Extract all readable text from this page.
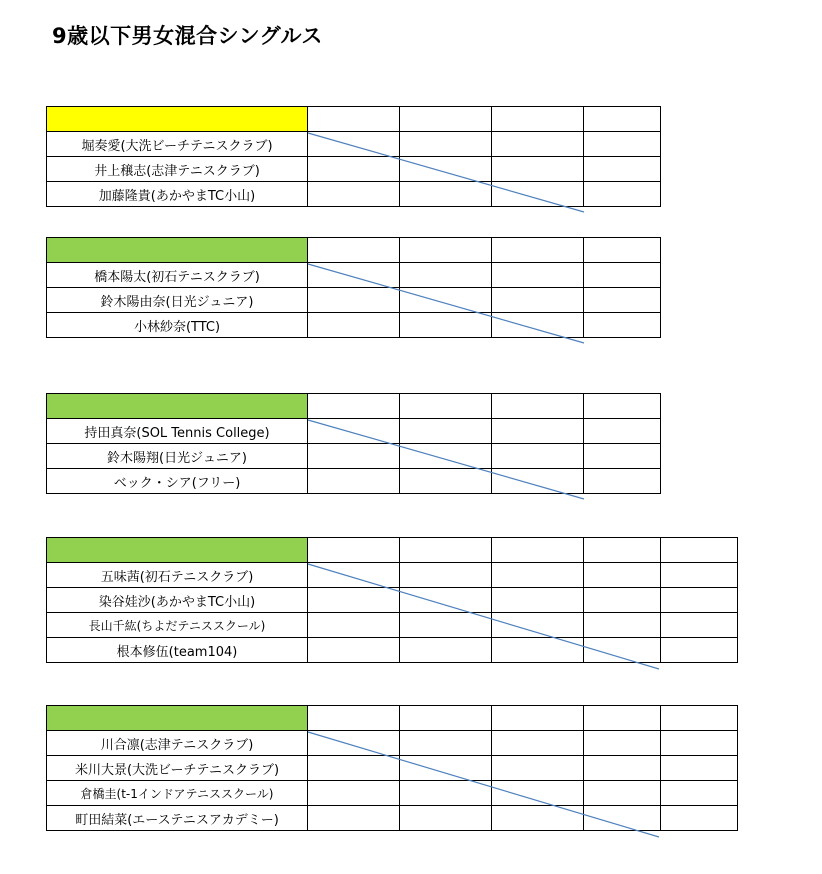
9歳以下男女混合シングルス

堀奏愛(大洗ビーチテニスクラブ)				
井上穣志(志津テニスクラブ)				
加藤隆貴(あかやまTC小山)				

橋本陽太(初石テニスクラブ)				
鈴木陽由奈(日光ジュニア)				
小林紗奈(TTC)				

持田真奈(SOL Tennis College)				
鈴木陽翔(日光ジュニア)				
ベック・シア(フリー)				

五味茜(初石テニスクラブ)					
染谷娃沙(あかやまTC小山)					
長山千紘(ちよだテニススクール)					
根本修伍(team104)					

川合凛(志津テニスクラブ)					
米川大景(大洗ビーチテニスクラブ)					
倉橋圭(t-1インドアテニススクール)					
町田結菜(エーステニスアカデミー)					
